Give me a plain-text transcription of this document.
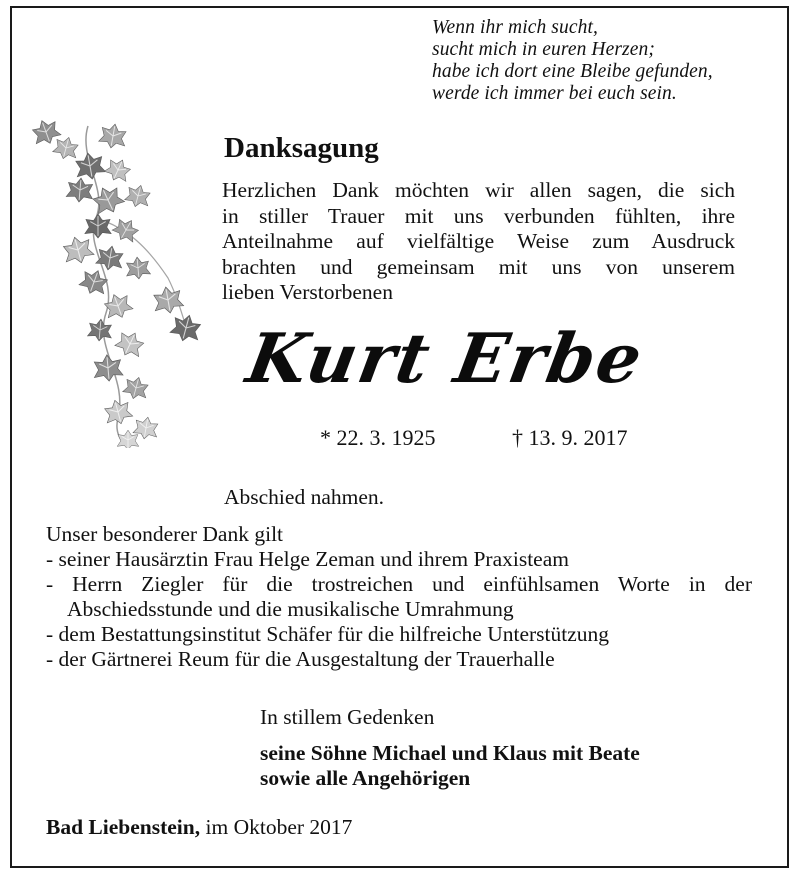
Wenn ihr mich sucht,
sucht mich in euren Herzen;
habe ich dort eine Bleibe gefunden,
werde ich immer bei euch sein.
Danksagung
Herzlichen Dank möchten wir allen sagen, die sich
in stiller Trauer mit uns verbunden fühlten, ihre
Anteilnahme auf vielfältige Weise zum Ausdruck
brachten und gemeinsam mit uns von unserem
lieben Verstorbenen
Kurt Erbe
* 22. 3. 1925	† 13. 9. 2017
Abschied nahmen.
Unser besonderer Dank gilt
- seiner Hausärztin Frau Helge Zeman und ihrem Praxisteam
- Herrn Ziegler für die trostreichen und einfühlsamen Worte in der
Abschiedsstunde und die musikalische Umrahmung
- dem Bestattungsinstitut Schäfer für die hilfreiche Unterstützung
- der Gärtnerei Reum für die Ausgestaltung der Trauerhalle
In stillem Gedenken
seine Söhne Michael und Klaus mit Beate
sowie alle Angehörigen
Bad Liebenstein, im Oktober 2017
